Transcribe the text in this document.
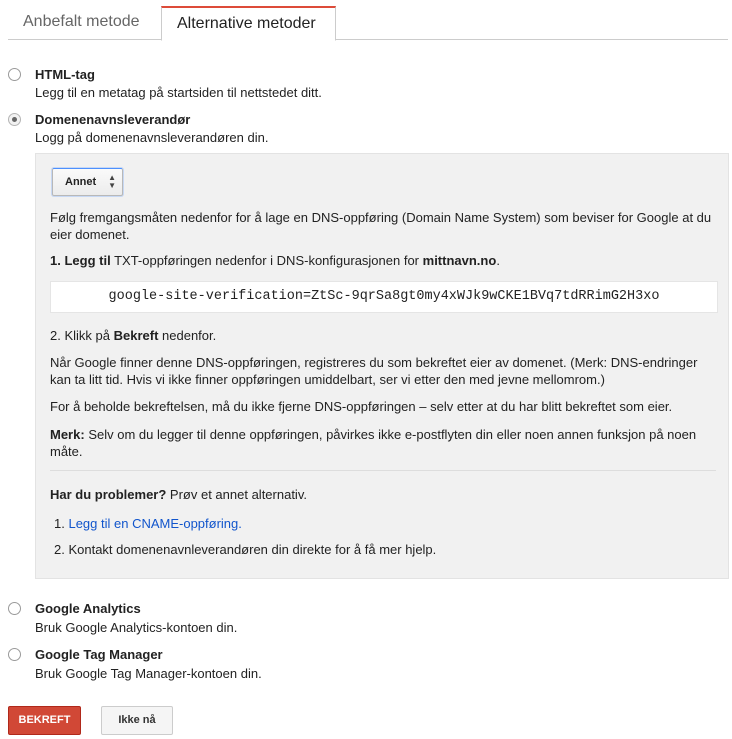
Anbefalt metode	Alternative metoder
HTML-tag
Legg til en metatag på startsiden til nettstedet ditt.
Domenenavnsleverandør
Logg på domenenavnsleverandøren din.
Annet ▲
▼
Følg fremgangsmåten nedenfor for å lage en DNS-oppføring (Domain Name System) som beviser for Google at du eier domenet.
1. Legg til TXT-oppføringen nedenfor i DNS-konfigurasjonen for mittnavn.no.
google-site-verification=ZtSc-9qrSa8gt0my4xWJk9wCKE1BVq7tdRRimG2H3xo
2. Klikk på Bekreft nedenfor.
Når Google finner denne DNS-oppføringen, registreres du som bekreftet eier av domenet. (Merk: DNS-endringer kan ta litt tid. Hvis vi ikke finner oppføringen umiddelbart, ser vi etter den med jevne mellomrom.)
For å beholde bekreftelsen, må du ikke fjerne DNS-oppføringen – selv etter at du har blitt bekreftet som eier.
Merk: Selv om du legger til denne oppføringen, påvirkes ikke e-postflyten din eller noen annen funksjon på noen måte.
Har du problemer? Prøv et annet alternativ.
1. Legg til en CNAME-oppføring.
2. Kontakt domenenavnleverandøren din direkte for å få mer hjelp.
Google Analytics
Bruk Google Analytics-kontoen din.
Google Tag Manager
Bruk Google Tag Manager-kontoen din.
BEKREFT	Ikke nå
